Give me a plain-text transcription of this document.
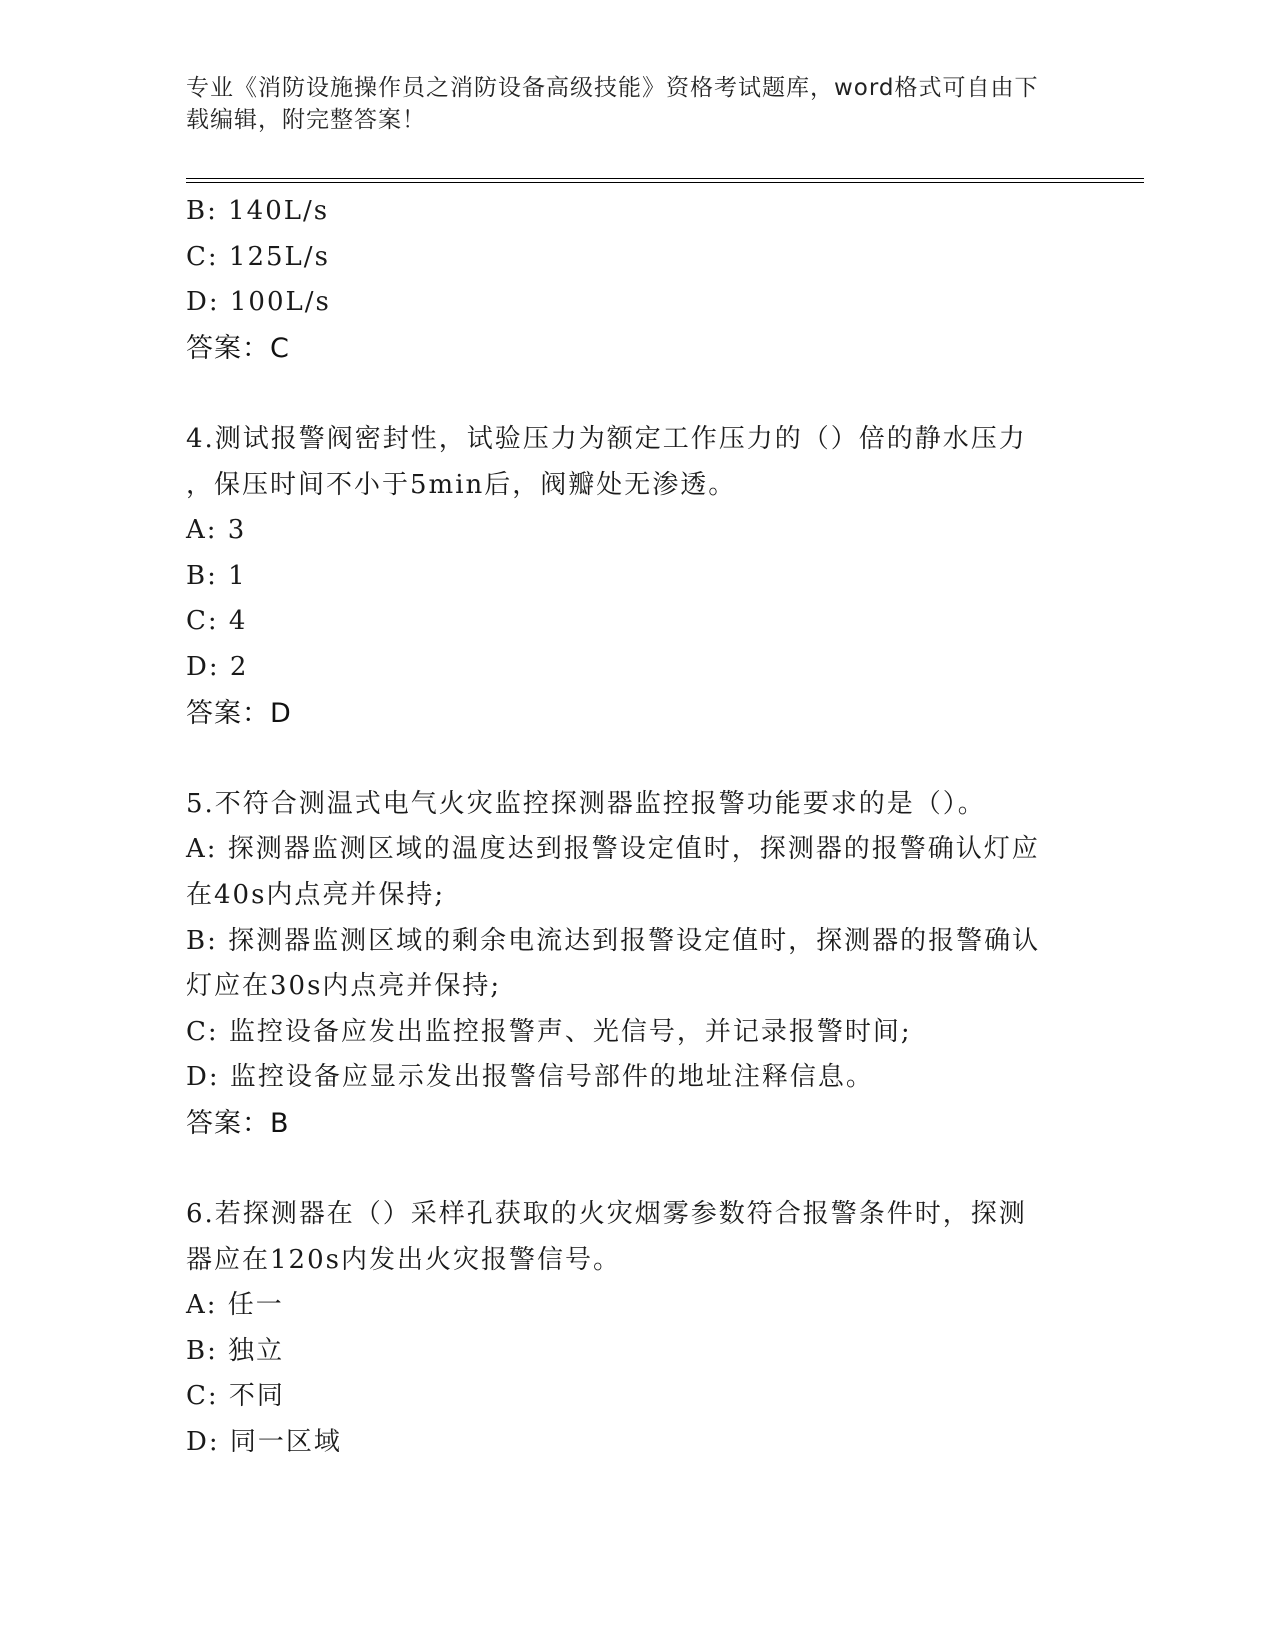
专业《消防设施操作员之消防设备高级技能》资格考试题库，word格式可自由下
载编辑，附完整答案！
B: 140L/s
C: 125L/s
D: 100L/s
答案：C
4.测试报警阀密封性，试验压力为额定工作压力的（）倍的静水压力
，保压时间不小于5min后，阀瓣处无渗透。
A: 3
B: 1
C: 4
D: 2
答案：D
5.不符合测温式电气火灾监控探测器监控报警功能要求的是（）。
A: 探测器监测区域的温度达到报警设定值时，探测器的报警确认灯应
在40s内点亮并保持;
B: 探测器监测区域的剩余电流达到报警设定值时，探测器的报警确认
灯应在30s内点亮并保持;
C: 监控设备应发出监控报警声、光信号，并记录报警时间;
D: 监控设备应显示发出报警信号部件的地址注释信息。
答案：B
6.若探测器在（）采样孔获取的火灾烟雾参数符合报警条件时，探测
器应在120s内发出火灾报警信号。
A: 任一
B: 独立
C: 不同
D: 同一区域
